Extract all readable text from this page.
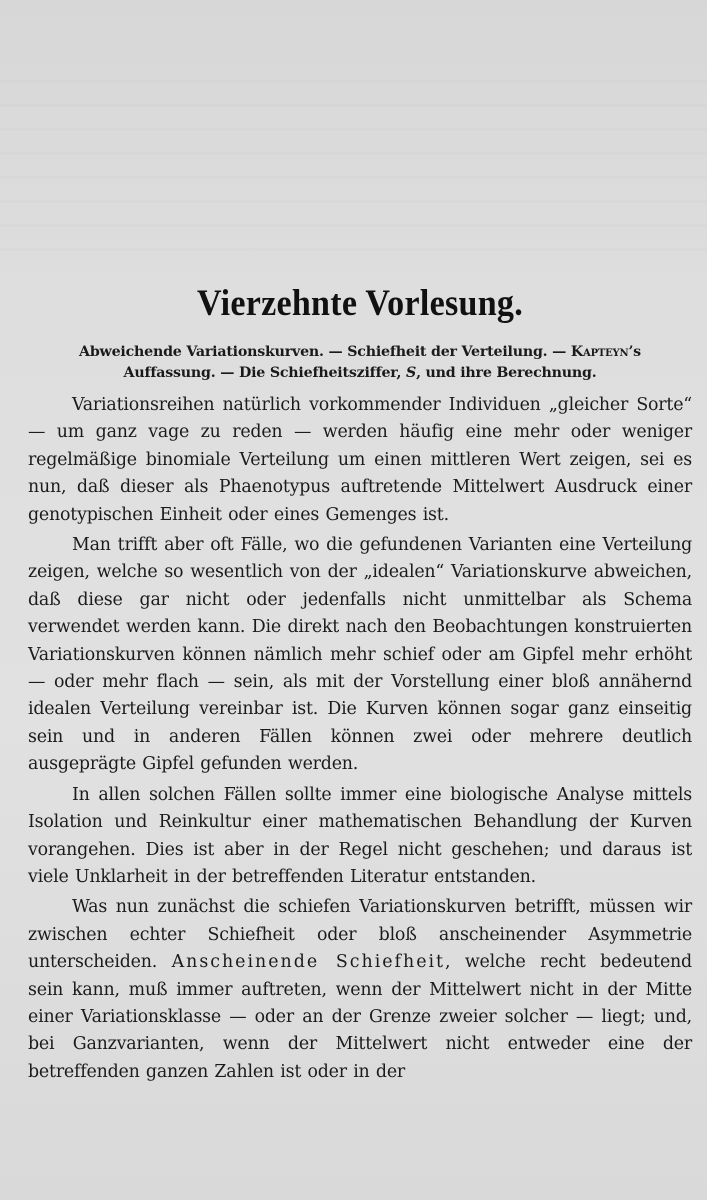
Vierzehnte Vorlesung.
Abweichende Variationskurven. — Schiefheit der Verteilung. — Kapteyn’s
Auffassung. — Die Schiefheitsziffer, S, und ihre Berechnung.

Variationsreihen natürlich vorkommender Individuen „gleicher Sorte“ — um ganz vage zu reden — werden häufig eine mehr oder weniger regelmäßige binomiale Verteilung um einen mittleren Wert zeigen, sei es nun, daß dieser als Phaenotypus auftretende Mittelwert Ausdruck einer genotypischen Einheit oder eines Gemenges ist.

Man trifft aber oft Fälle, wo die gefundenen Varianten eine Verteilung zeigen, welche so wesentlich von der „idealen“ Variationskurve abweichen, daß diese gar nicht oder jedenfalls nicht unmittelbar als Schema verwendet werden kann. Die direkt nach den Beobachtungen konstruierten Variationskurven können nämlich mehr schief oder am Gipfel mehr erhöht — oder mehr flach — sein, als mit der Vorstellung einer bloß annähernd idealen Verteilung vereinbar ist. Die Kurven können sogar ganz einseitig sein und in anderen Fällen können zwei oder mehrere deutlich ausgeprägte Gipfel gefunden werden.

In allen solchen Fällen sollte immer eine biologische Analyse mittels Isolation und Reinkultur einer mathematischen Behandlung der Kurven vorangehen. Dies ist aber in der Regel nicht geschehen; und daraus ist viele Unklarheit in der betreffenden Literatur entstanden.

Was nun zunächst die schiefen Variationskurven betrifft, müssen wir zwischen echter Schiefheit oder bloß anscheinender Asymmetrie unterscheiden. Anscheinende Schiefheit, welche recht bedeutend sein kann, muß immer auftreten, wenn der Mittelwert nicht in der Mitte einer Variationsklasse — oder an der Grenze zweier solcher — liegt; und, bei Ganzvarianten, wenn der Mittelwert nicht entweder eine der betreffenden ganzen Zahlen ist oder in der
